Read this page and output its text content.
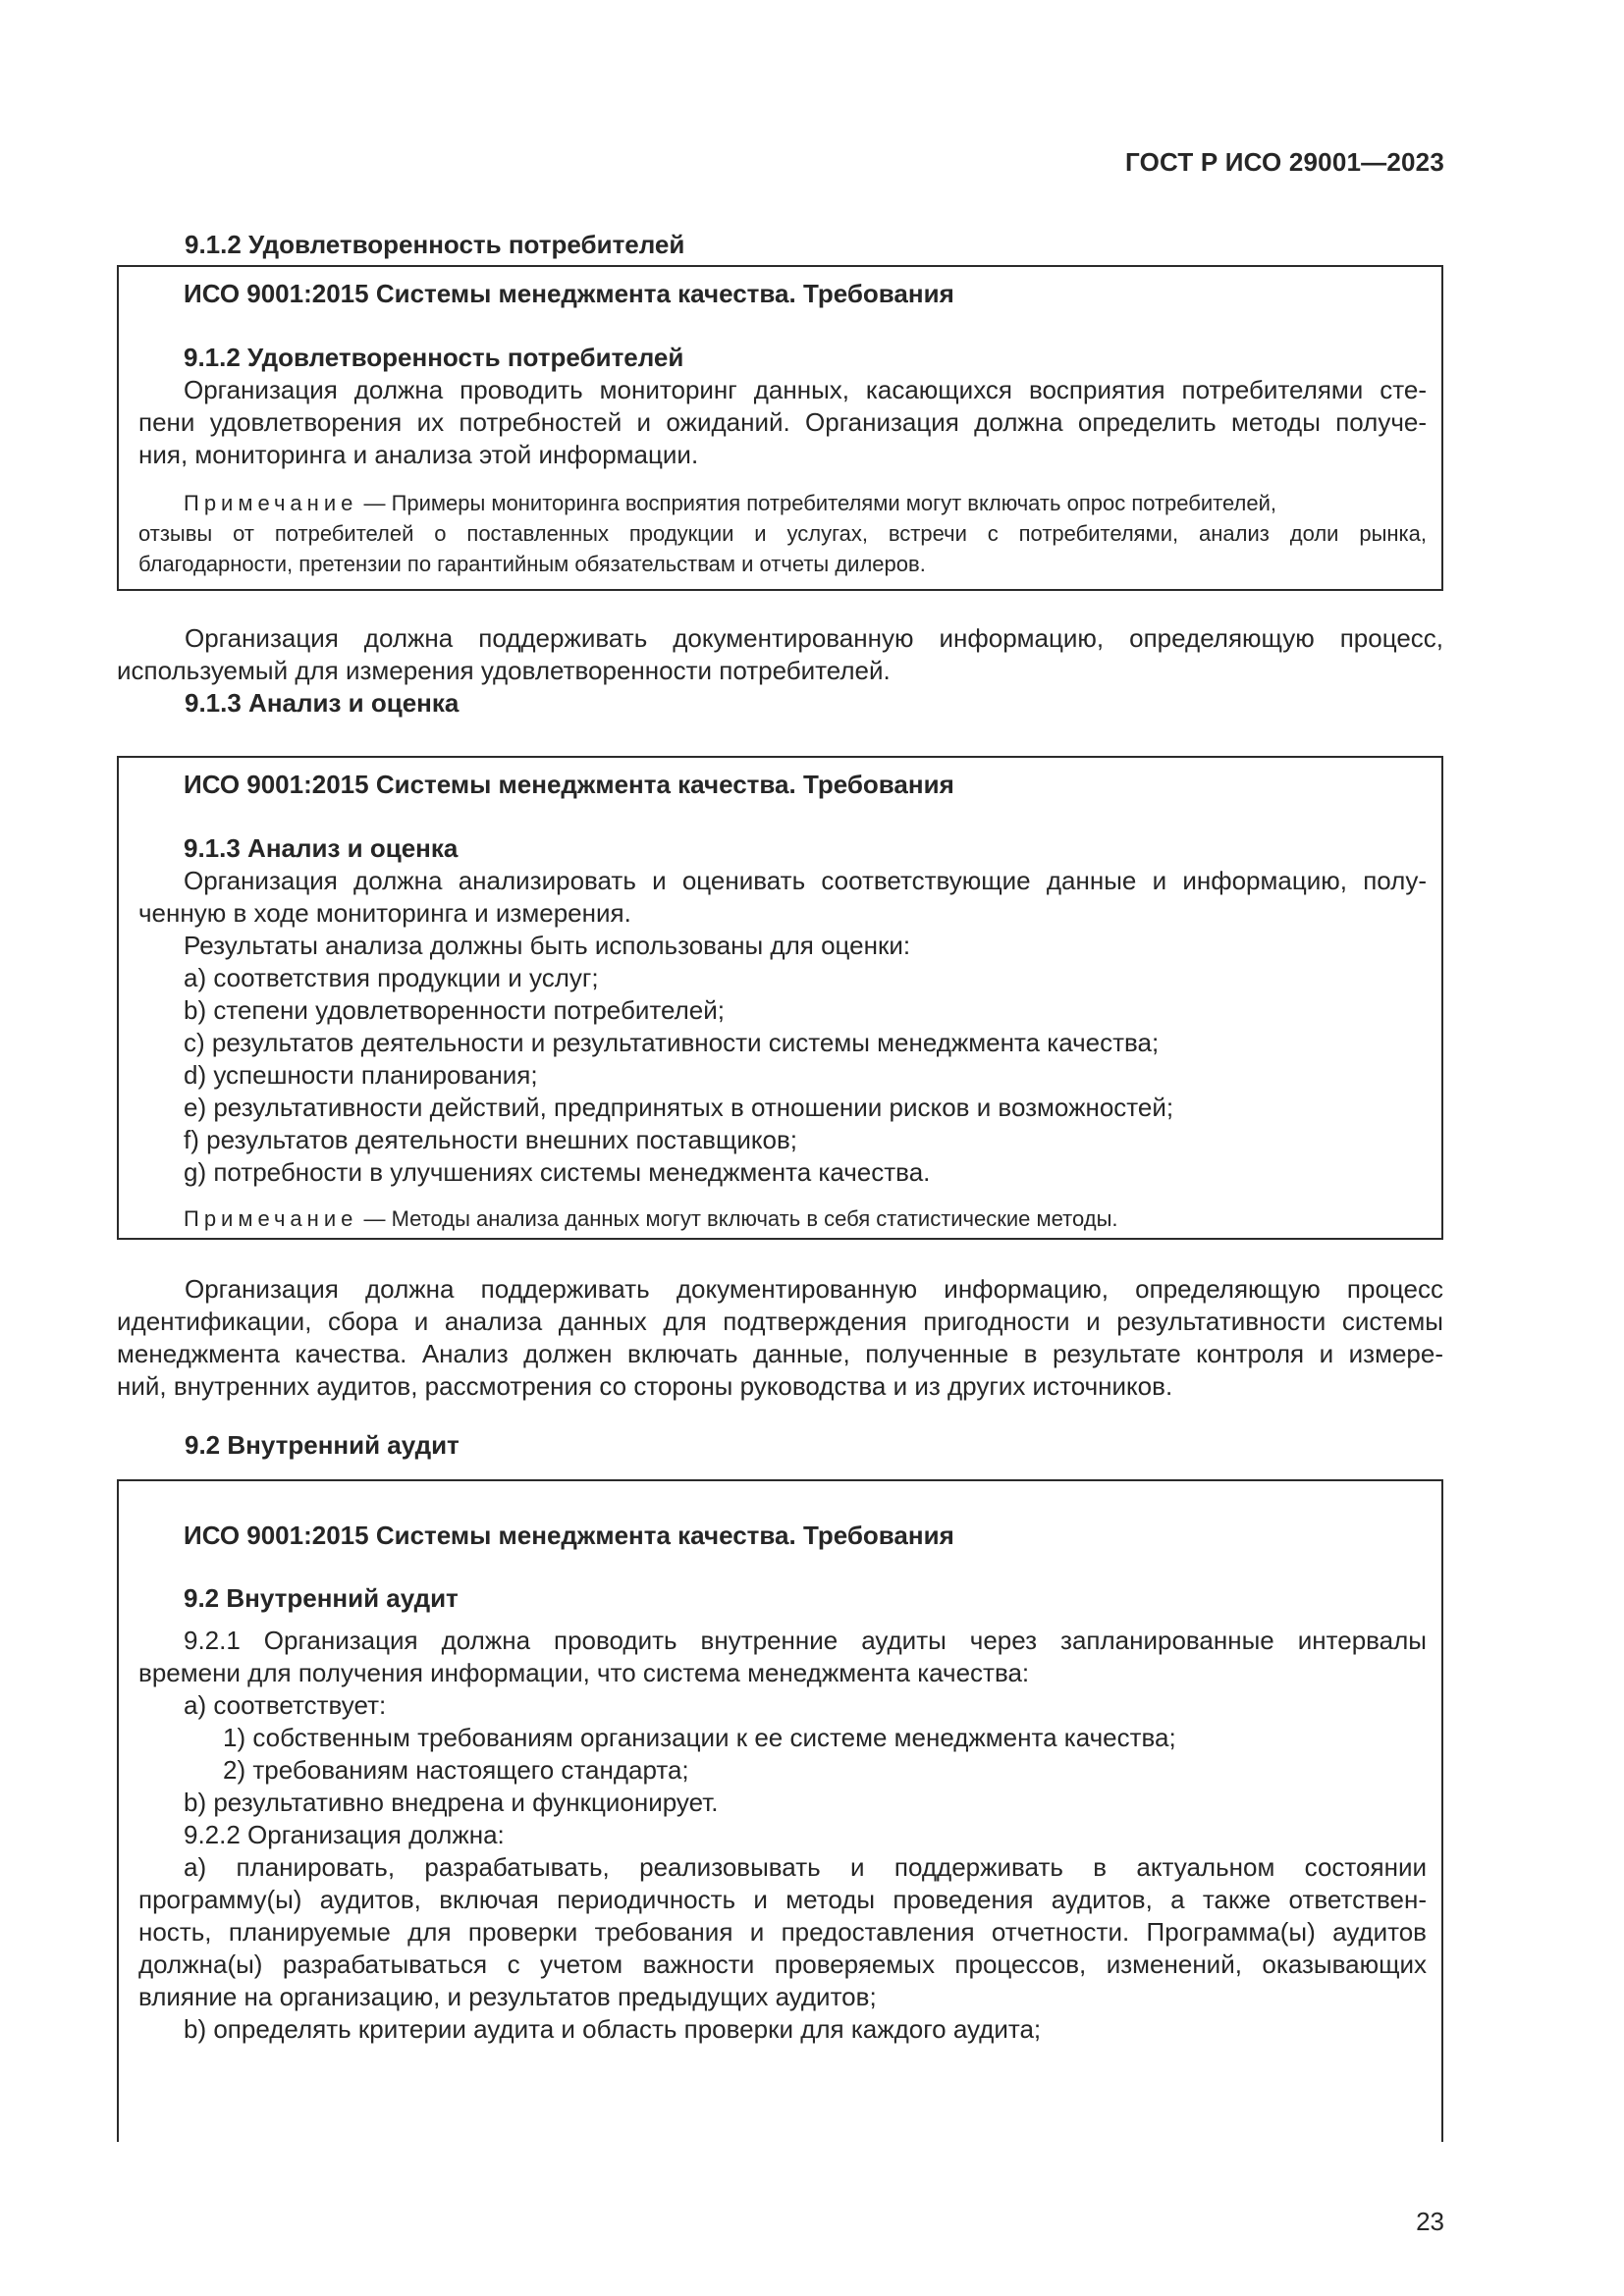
ГОСТ Р ИСО 29001—2023
9.1.2 Удовлетворенность потребителей
ИСО 9001:2015 Системы менеджмента качества. Требования
9.1.2 Удовлетворенность потребителей
Организация должна проводить мониторинг данных, касающихся восприятия потребителями сте-
пени удовлетворения их потребностей и ожиданий. Организация должна определить методы получе-
ния, мониторинга и анализа этой информации.
Примечание — Примеры мониторинга восприятия потребителями могут включать опрос потребителей,
отзывы от потребителей о поставленных продукции и услугах, встречи с потребителями, анализ доли рынка,
благодарности, претензии по гарантийным обязательствам и отчеты дилеров.
Организация должна поддерживать документированную информацию, определяющую процесс,
используемый для измерения удовлетворенности потребителей.
9.1.3 Анализ и оценка
ИСО 9001:2015 Системы менеджмента качества. Требования
9.1.3 Анализ и оценка
Организация должна анализировать и оценивать соответствующие данные и информацию, полу-
ченную в ходе мониторинга и измерения.
Результаты анализа должны быть использованы для оценки:
a) соответствия продукции и услуг;
b) степени удовлетворенности потребителей;
c) результатов деятельности и результативности системы менеджмента качества;
d) успешности планирования;
e) результативности действий, предпринятых в отношении рисков и возможностей;
f) результатов деятельности внешних поставщиков;
g) потребности в улучшениях системы менеджмента качества.
Примечание — Методы анализа данных могут включать в себя статистические методы.
Организация должна поддерживать документированную информацию, определяющую процесс
идентификации, сбора и анализа данных для подтверждения пригодности и результативности системы
менеджмента качества. Анализ должен включать данные, полученные в результате контроля и измере-
ний, внутренних аудитов, рассмотрения со стороны руководства и из других источников.
9.2 Внутренний аудит
ИСО 9001:2015 Системы менеджмента качества. Требования
9.2 Внутренний аудит
9.2.1 Организация должна проводить внутренние аудиты через запланированные интервалы
времени для получения информации, что система менеджмента качества:
a) соответствует:
1) собственным требованиям организации к ее системе менеджмента качества;
2) требованиям настоящего стандарта;
b) результативно внедрена и функционирует.
9.2.2 Организация должна:
a) планировать, разрабатывать, реализовывать и поддерживать в актуальном состоянии
программу(ы) аудитов, включая периодичность и методы проведения аудитов, а также ответствен-
ность, планируемые для проверки требования и предоставления отчетности. Программа(ы) аудитов
должна(ы) разрабатываться с учетом важности проверяемых процессов, изменений, оказывающих
влияние на организацию, и результатов предыдущих аудитов;
b) определять критерии аудита и область проверки для каждого аудита;
23
